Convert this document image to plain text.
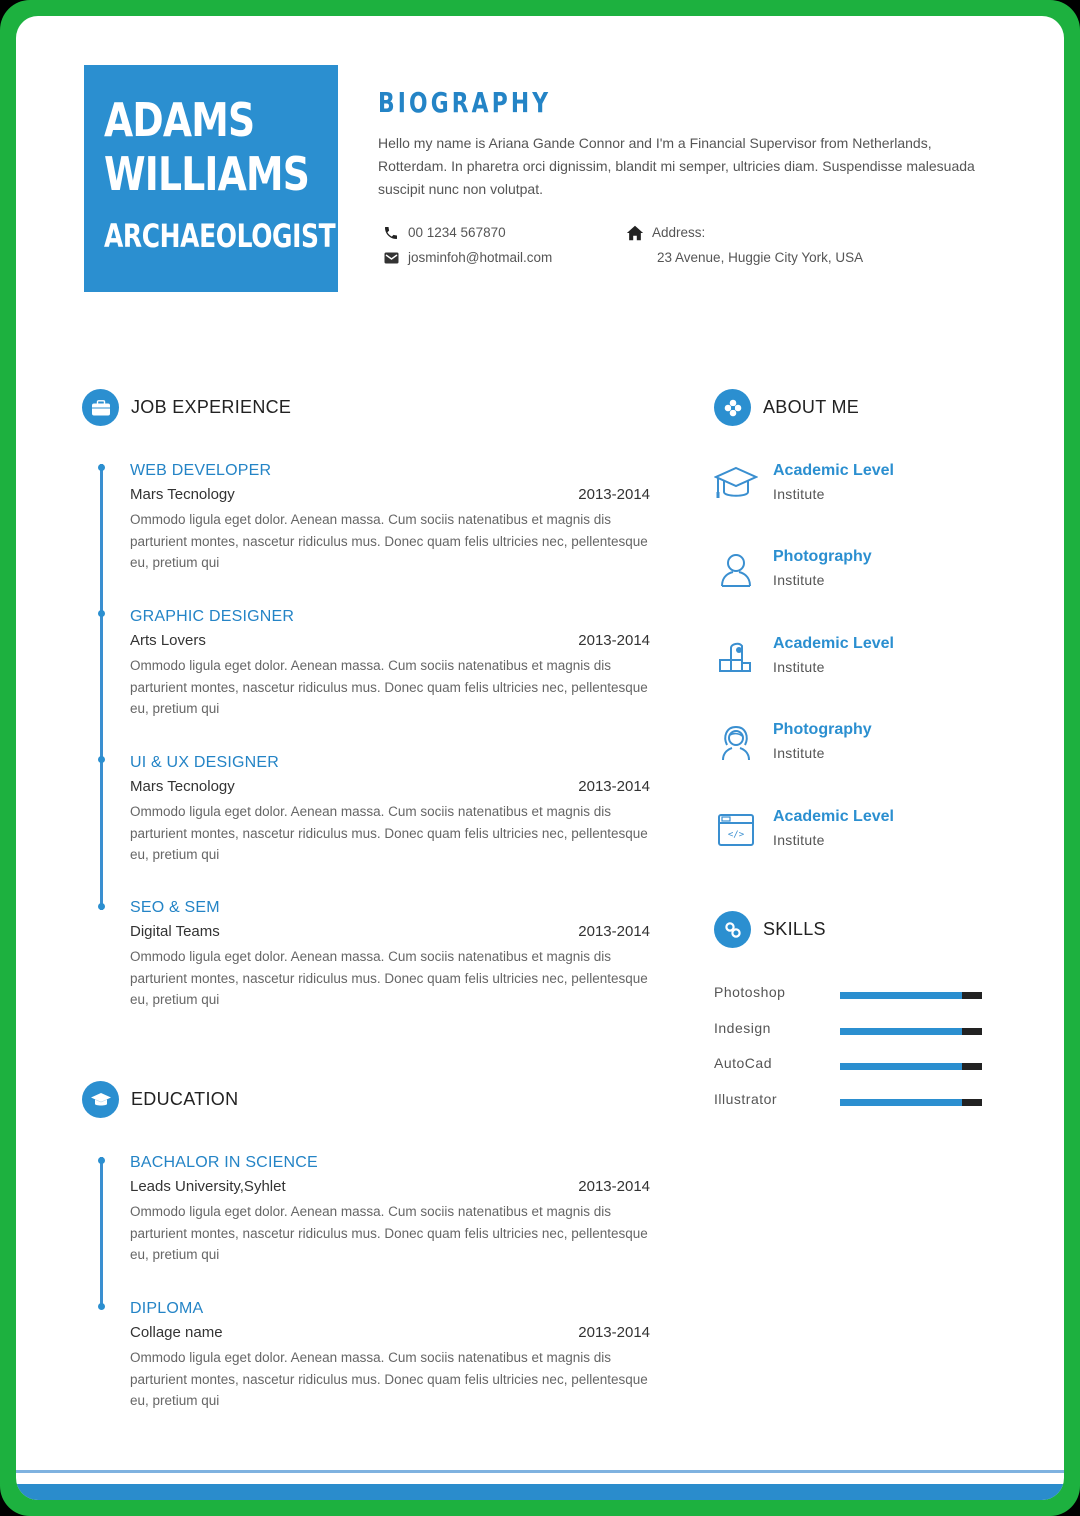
ADAMS
WILLIAMS
ARCHAEOLOGIST
BIOGRAPHY
Hello my name is Ariana Gande Connor and I'm a Financial Supervisor from Netherlands, Rotterdam. In pharetra orci dignissim, blandit mi semper, ultricies diam. Suspendisse malesuada suscipit nunc non volutpat.
00 1234 567870
josminfoh@hotmail.com
Address:
23 Avenue, Huggie City York, USA
JOB EXPERIENCE
WEB DEVELOPER
Mars Tecnology	2013-2014
Ommodo ligula eget dolor. Aenean massa. Cum sociis natenatibus et magnis dis parturient montes, nascetur ridiculus mus. Donec quam felis ultricies nec, pellentesque eu, pretium qui
GRAPHIC DESIGNER
Arts Lovers	2013-2014
Ommodo ligula eget dolor. Aenean massa. Cum sociis natenatibus et magnis dis parturient montes, nascetur ridiculus mus. Donec quam felis ultricies nec, pellentesque eu, pretium qui
UI & UX DESIGNER
Mars Tecnology	2013-2014
Ommodo ligula eget dolor. Aenean massa. Cum sociis natenatibus et magnis dis parturient montes, nascetur ridiculus mus. Donec quam felis ultricies nec, pellentesque eu, pretium qui
SEO & SEM
Digital Teams	2013-2014
Ommodo ligula eget dolor. Aenean massa. Cum sociis natenatibus et magnis dis parturient montes, nascetur ridiculus mus. Donec quam felis ultricies nec, pellentesque eu, pretium qui
EDUCATION
BACHALOR IN SCIENCE
Leads University,Syhlet	2013-2014
Ommodo ligula eget dolor. Aenean massa. Cum sociis natenatibus et magnis dis parturient montes, nascetur ridiculus mus. Donec quam felis ultricies nec, pellentesque eu, pretium qui
DIPLOMA
Collage name	2013-2014
Ommodo ligula eget dolor. Aenean massa. Cum sociis natenatibus et magnis dis parturient montes, nascetur ridiculus mus. Donec quam felis ultricies nec, pellentesque eu, pretium qui
ABOUT ME
Academic Level
Institute
Photography
Institute
Academic Level
Institute
Photography
Institute
</>
Academic Level
Institute
SKILLS
Photoshop
Indesign
AutoCad
Illustrator
